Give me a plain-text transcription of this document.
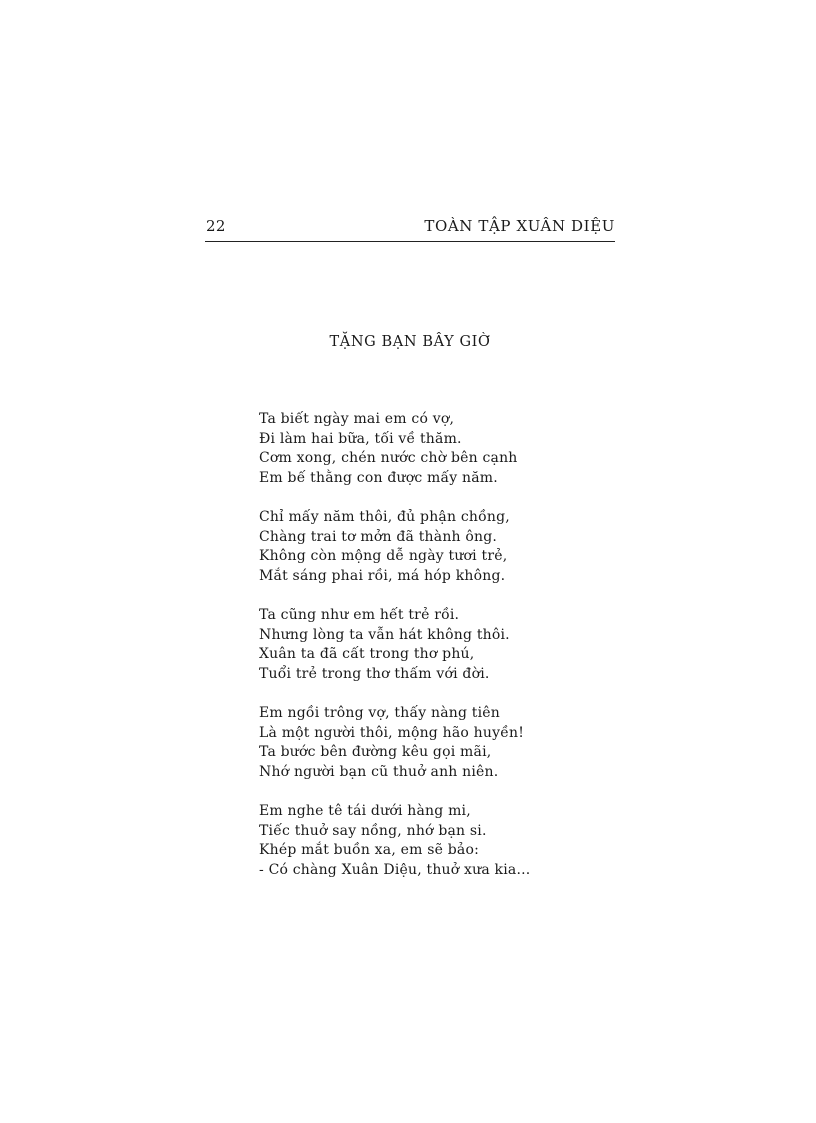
22	TOÀN TẬP XUÂN DIỆU
TẶNG BẠN BÂY GIỜ
Ta biết ngày mai em có vợ,
Đi làm hai bữa, tối về thăm.
Cơm xong, chén nước chờ bên cạnh
Em bế thằng con được mấy năm.
Chỉ mấy năm thôi, đủ phận chồng,
Chàng trai tơ mởn đã thành ông.
Không còn mộng dễ ngày tươi trẻ,
Mắt sáng phai rồi, má hóp không.
Ta cũng như em hết trẻ rồi.
Nhưng lòng ta vẫn hát không thôi.
Xuân ta đã cất trong thơ phú,
Tuổi trẻ trong thơ thấm với đời.
Em ngồi trông vợ, thấy nàng tiên
Là một người thôi, mộng hão huyền!
Ta bước bên đường kêu gọi mãi,
Nhớ người bạn cũ thuở anh niên.
Em nghe tê tái dưới hàng mi,
Tiếc thuở say nồng, nhớ bạn si.
Khép mắt buồn xa, em sẽ bảo:
- Có chàng Xuân Diệu, thuở xưa kia...
